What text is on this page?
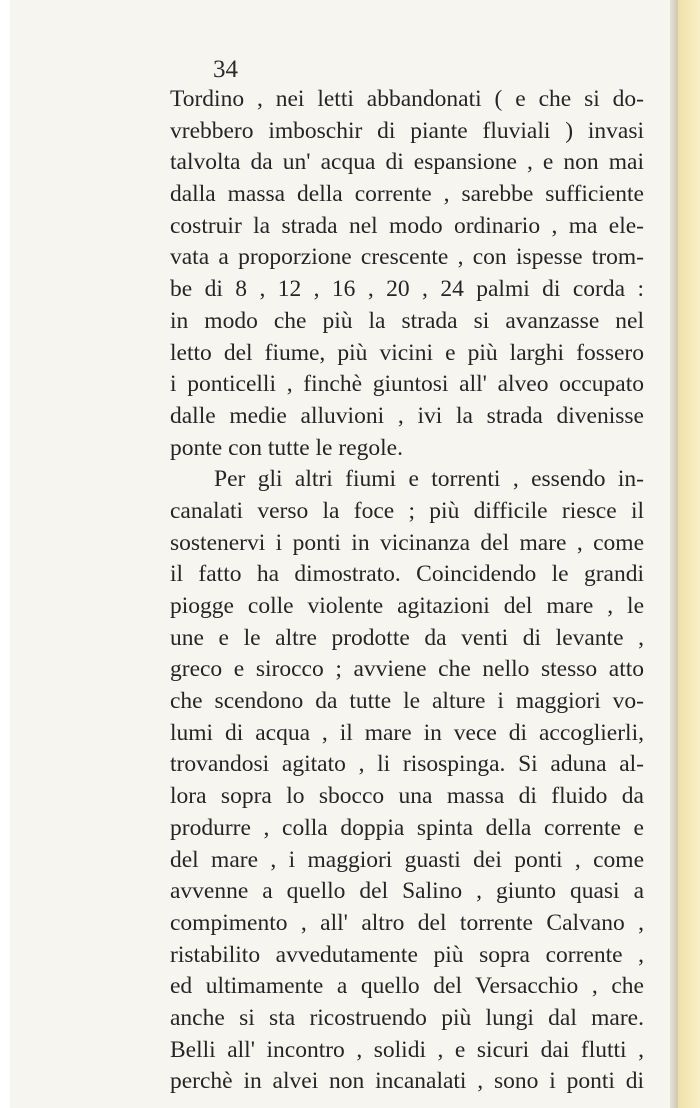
34
Tordino , nei letti abbandonati ( e che si do-
vrebbero imboschir di piante fluviali ) invasi
talvolta da un' acqua di espansione , e non mai
dalla massa della corrente , sarebbe sufficiente
costruir la strada nel modo ordinario , ma ele-
vata a proporzione crescente , con ispesse trom-
be di 8 , 12 , 16 , 20 , 24 palmi di corda :
in modo che più la strada si avanzasse nel
letto del fiume, più vicini e più larghi fossero
i ponticelli , finchè giuntosi all' alveo occupato
dalle medie alluvioni , ivi la strada divenisse
ponte con tutte le regole.
Per gli altri fiumi e torrenti , essendo in-
canalati verso la foce ; più difficile riesce il
sostenervi i ponti in vicinanza del mare , come
il fatto ha dimostrato. Coincidendo le grandi
piogge colle violente agitazioni del mare , le
une e le altre prodotte da venti di levante ,
greco e sirocco ; avviene che nello stesso atto
che scendono da tutte le alture i maggiori vo-
lumi di acqua , il mare in vece di accoglierli,
trovandosi agitato , li risospinga. Si aduna al-
lora sopra lo sbocco una massa di fluido da
produrre , colla doppia spinta della corrente e
del mare , i maggiori guasti dei ponti , come
avvenne a quello del Salino , giunto quasi a
compimento , all' altro del torrente Calvano ,
ristabilito avvedutamente più sopra corrente ,
ed ultimamente a quello del Versacchio , che
anche si sta ricostruendo più lungi dal mare.
Belli all' incontro , solidi , e sicuri dai flutti ,
perchè in alvei non incanalati , sono i ponti di
